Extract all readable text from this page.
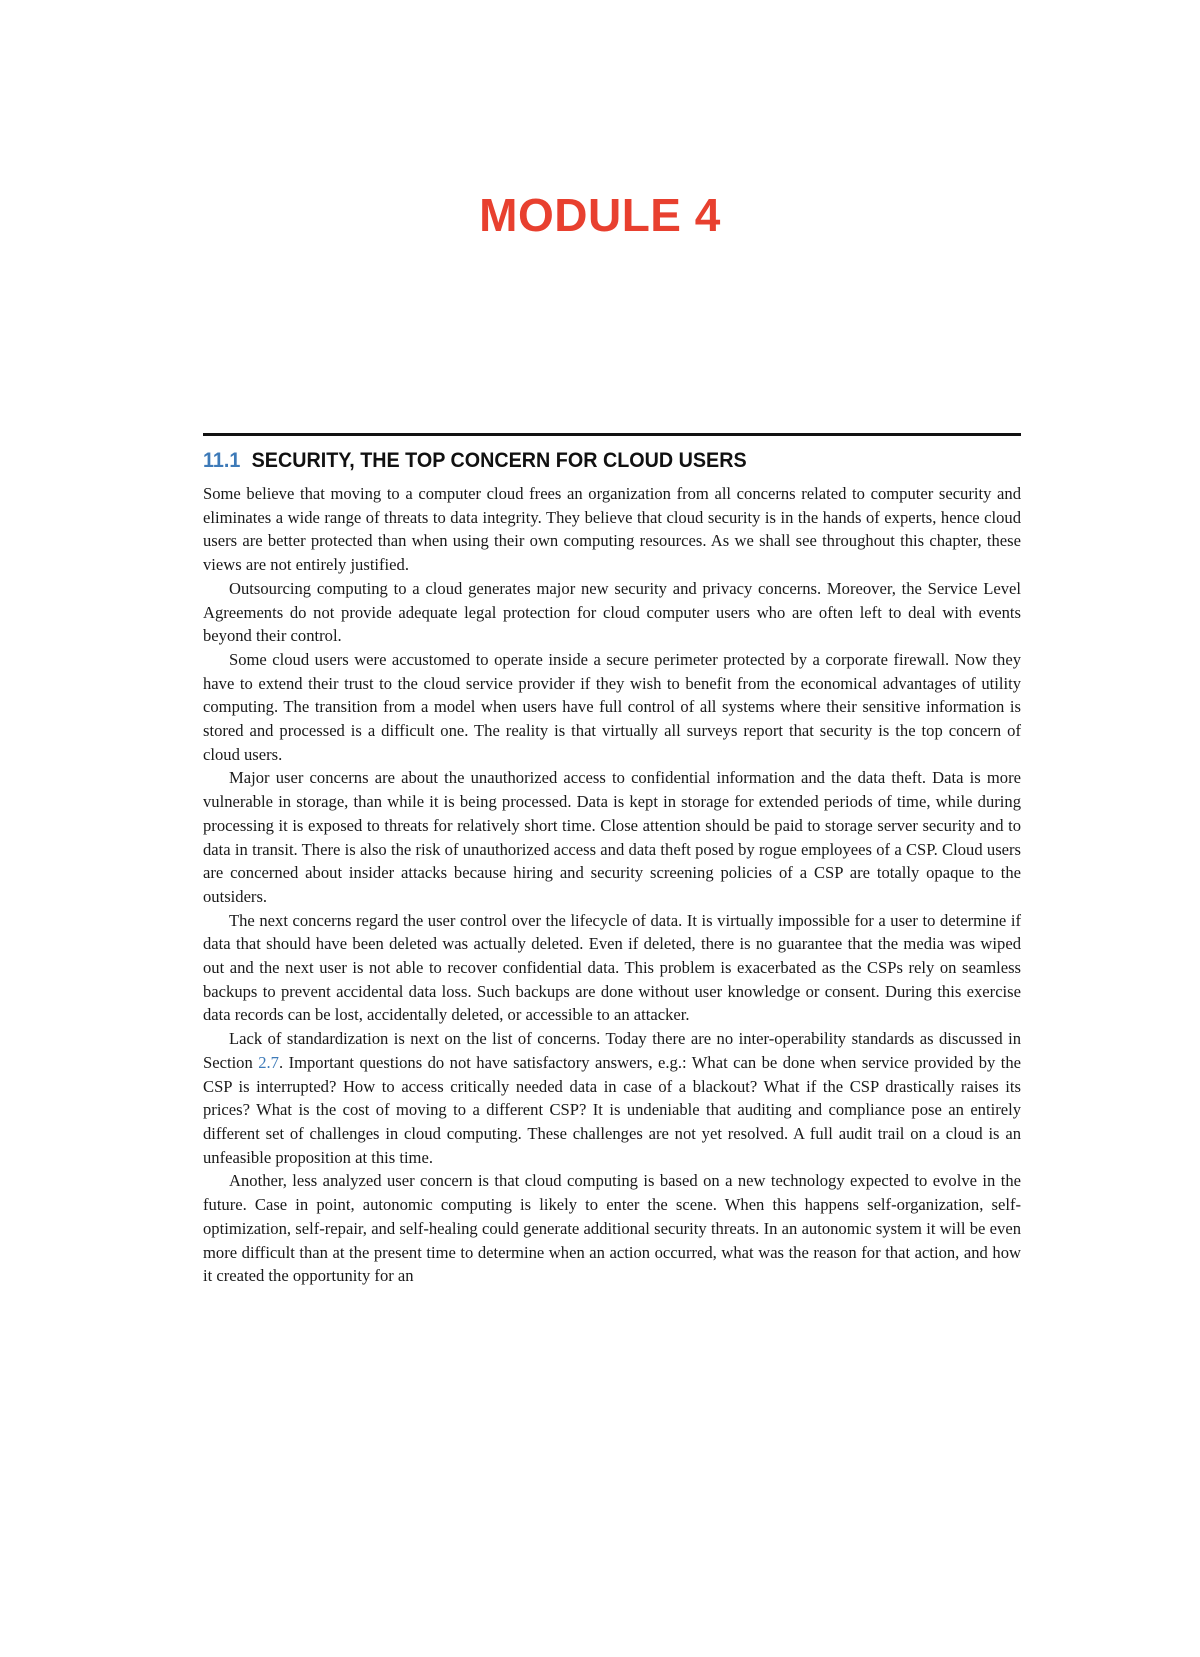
MODULE 4
11.1 SECURITY, THE TOP CONCERN FOR CLOUD USERS

Some believe that moving to a computer cloud frees an organization from all concerns related to computer security and eliminates a wide range of threats to data integrity. They believe that cloud security is in the hands of experts, hence cloud users are better protected than when using their own computing resources. As we shall see throughout this chapter, these views are not entirely justified.

Outsourcing computing to a cloud generates major new security and privacy concerns. Moreover, the Service Level Agreements do not provide adequate legal protection for cloud computer users who are often left to deal with events beyond their control.

Some cloud users were accustomed to operate inside a secure perimeter protected by a corporate firewall. Now they have to extend their trust to the cloud service provider if they wish to benefit from the economical advantages of utility computing. The transition from a model when users have full control of all systems where their sensitive information is stored and processed is a difficult one. The reality is that virtually all surveys report that security is the top concern of cloud users.

Major user concerns are about the unauthorized access to confidential information and the data theft. Data is more vulnerable in storage, than while it is being processed. Data is kept in storage for extended periods of time, while during processing it is exposed to threats for relatively short time. Close attention should be paid to storage server security and to data in transit. There is also the risk of unauthorized access and data theft posed by rogue employees of a CSP. Cloud users are concerned about insider attacks because hiring and security screening policies of a CSP are totally opaque to the outsiders.

The next concerns regard the user control over the lifecycle of data. It is virtually impossible for a user to determine if data that should have been deleted was actually deleted. Even if deleted, there is no guarantee that the media was wiped out and the next user is not able to recover confidential data. This problem is exacerbated as the CSPs rely on seamless backups to prevent accidental data loss. Such backups are done without user knowledge or consent. During this exercise data records can be lost, accidentally deleted, or accessible to an attacker.

Lack of standardization is next on the list of concerns. Today there are no inter-operability standards as discussed in Section 2.7. Important questions do not have satisfactory answers, e.g.: What can be done when service provided by the CSP is interrupted? How to access critically needed data in case of a blackout? What if the CSP drastically raises its prices? What is the cost of moving to a different CSP? It is undeniable that auditing and compliance pose an entirely different set of challenges in cloud computing. These challenges are not yet resolved. A full audit trail on a cloud is an unfeasible proposition at this time.

Another, less analyzed user concern is that cloud computing is based on a new technology expected to evolve in the future. Case in point, autonomic computing is likely to enter the scene. When this happens self-organization, self-optimization, self-repair, and self-healing could generate additional security threats. In an autonomic system it will be even more difficult than at the present time to determine when an action occurred, what was the reason for that action, and how it created the opportunity for an
